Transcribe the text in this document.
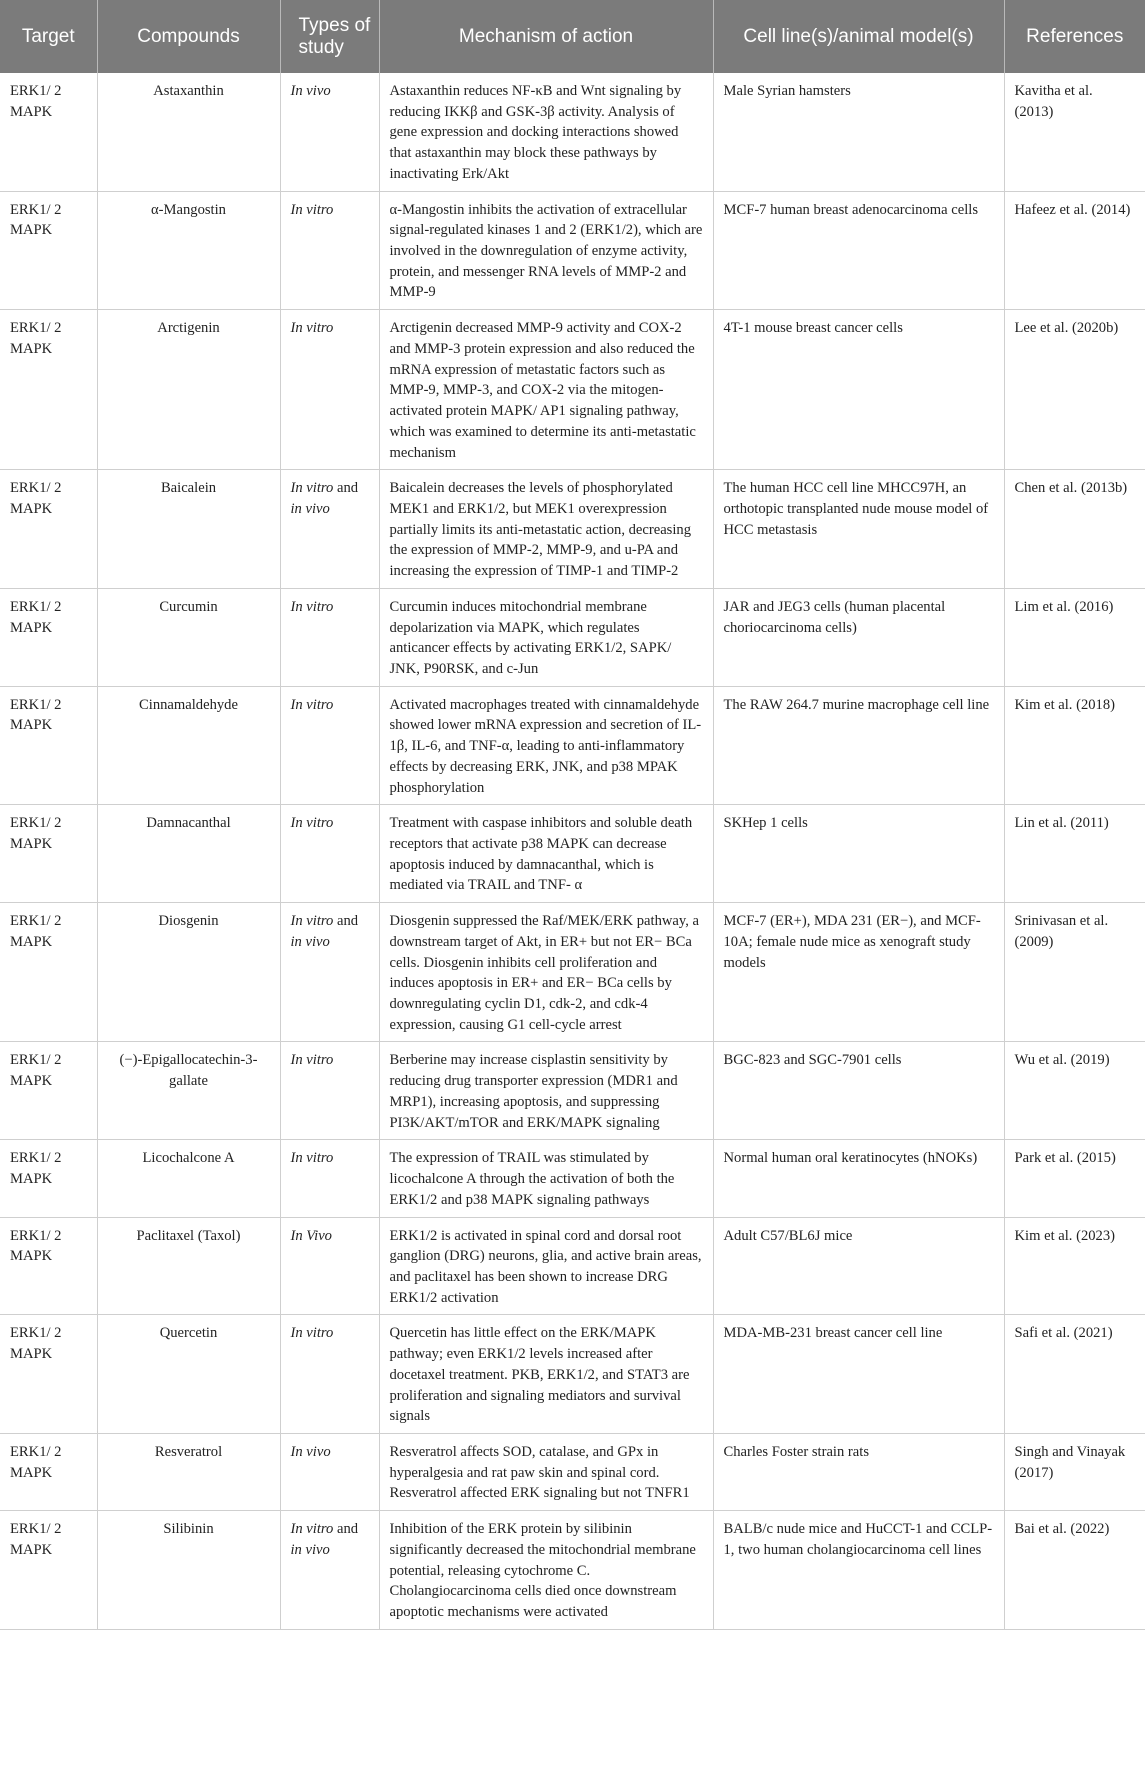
Target	Compounds	Types of study	Mechanism of action	Cell line(s)/animal model(s)	References
ERK1/ 2 MAPK	Astaxanthin	In vivo	Astaxanthin reduces NF-κB and Wnt signaling by reducing IKKβ and GSK-3β activity. Analysis of gene expression and docking interactions showed that astaxanthin may block these pathways by inactivating Erk/Akt	Male Syrian hamsters	Kavitha et al. (2013)
ERK1/ 2 MAPK	α-Mangostin	In vitro	α-Mangostin inhibits the activation of extracellular signal-regulated kinases 1 and 2 (ERK1/2), which are involved in the downregulation of enzyme activity, protein, and messenger RNA levels of MMP-2 and MMP-9	MCF-7 human breast adenocarcinoma cells	Hafeez et al. (2014)
ERK1/ 2 MAPK	Arctigenin	In vitro	Arctigenin decreased MMP-9 activity and COX-2 and MMP-3 protein expression and also reduced the mRNA expression of metastatic factors such as MMP-9, MMP-3, and COX-2 via the mitogen-activated protein MAPK/ AP1 signaling pathway, which was examined to determine its anti-metastatic mechanism	4T-1 mouse breast cancer cells	Lee et al. (2020b)
ERK1/ 2 MAPK	Baicalein	In vitro and in vivo	Baicalein decreases the levels of phosphorylated MEK1 and ERK1/2, but MEK1 overexpression partially limits its anti-metastatic action, decreasing the expression of MMP-2, MMP-9, and u-PA and increasing the expression of TIMP-1 and TIMP-2	The human HCC cell line MHCC97H, an orthotopic transplanted nude mouse model of HCC metastasis	Chen et al. (2013b)
ERK1/ 2 MAPK	Curcumin	In vitro	Curcumin induces mitochondrial membrane depolarization via MAPK, which regulates anticancer effects by activating ERK1/2, SAPK/ JNK, P90RSK, and c-Jun	JAR and JEG3 cells (human placental choriocarcinoma cells)	Lim et al. (2016)
ERK1/ 2 MAPK	Cinnamaldehyde	In vitro	Activated macrophages treated with cinnamaldehyde showed lower mRNA expression and secretion of IL-1β, IL-6, and TNF-α, leading to anti-inflammatory effects by decreasing ERK, JNK, and p38 MPAK phosphorylation	The RAW 264.7 murine macrophage cell line	Kim et al. (2018)
ERK1/ 2 MAPK	Damnacanthal	In vitro	Treatment with caspase inhibitors and soluble death receptors that activate p38 MAPK can decrease apoptosis induced by damnacanthal, which is mediated via TRAIL and TNF- α	SKHep 1 cells	Lin et al. (2011)
ERK1/ 2 MAPK	Diosgenin	In vitro and in vivo	Diosgenin suppressed the Raf/MEK/ERK pathway, a downstream target of Akt, in ER+ but not ER− BCa cells. Diosgenin inhibits cell proliferation and induces apoptosis in ER+ and ER− BCa cells by downregulating cyclin D1, cdk-2, and cdk-4 expression, causing G1 cell-cycle arrest	MCF-7 (ER+), MDA 231 (ER−), and MCF-10A; female nude mice as xenograft study models	Srinivasan et al. (2009)
ERK1/ 2 MAPK	(−)-Epigallocatechin-3-gallate	In vitro	Berberine may increase cisplastin sensitivity by reducing drug transporter expression (MDR1 and MRP1), increasing apoptosis, and suppressing PI3K/AKT/mTOR and ERK/MAPK signaling	BGC-823 and SGC-7901 cells	Wu et al. (2019)
ERK1/ 2 MAPK	Licochalcone A	In vitro	The expression of TRAIL was stimulated by licochalcone A through the activation of both the ERK1/2 and p38 MAPK signaling pathways	Normal human oral keratinocytes (hNOKs)	Park et al. (2015)
ERK1/ 2 MAPK	Paclitaxel (Taxol)	In Vivo	ERK1/2 is activated in spinal cord and dorsal root ganglion (DRG) neurons, glia, and active brain areas, and paclitaxel has been shown to increase DRG ERK1/2 activation	Adult C57/BL6J mice	Kim et al. (2023)
ERK1/ 2 MAPK	Quercetin	In vitro	Quercetin has little effect on the ERK/MAPK pathway; even ERK1/2 levels increased after docetaxel treatment. PKB, ERK1/2, and STAT3 are proliferation and signaling mediators and survival signals	MDA-MB-231 breast cancer cell line	Safi et al. (2021)
ERK1/ 2 MAPK	Resveratrol	In vivo	Resveratrol affects SOD, catalase, and GPx in hyperalgesia and rat paw skin and spinal cord. Resveratrol affected ERK signaling but not TNFR1	Charles Foster strain rats	Singh and Vinayak (2017)
ERK1/ 2 MAPK	Silibinin	In vitro and in vivo	Inhibition of the ERK protein by silibinin significantly decreased the mitochondrial membrane potential, releasing cytochrome C. Cholangiocarcinoma cells died once downstream apoptotic mechanisms were activated	BALB/c nude mice and HuCCT-1 and CCLP-1, two human cholangiocarcinoma cell lines	Bai et al. (2022)
